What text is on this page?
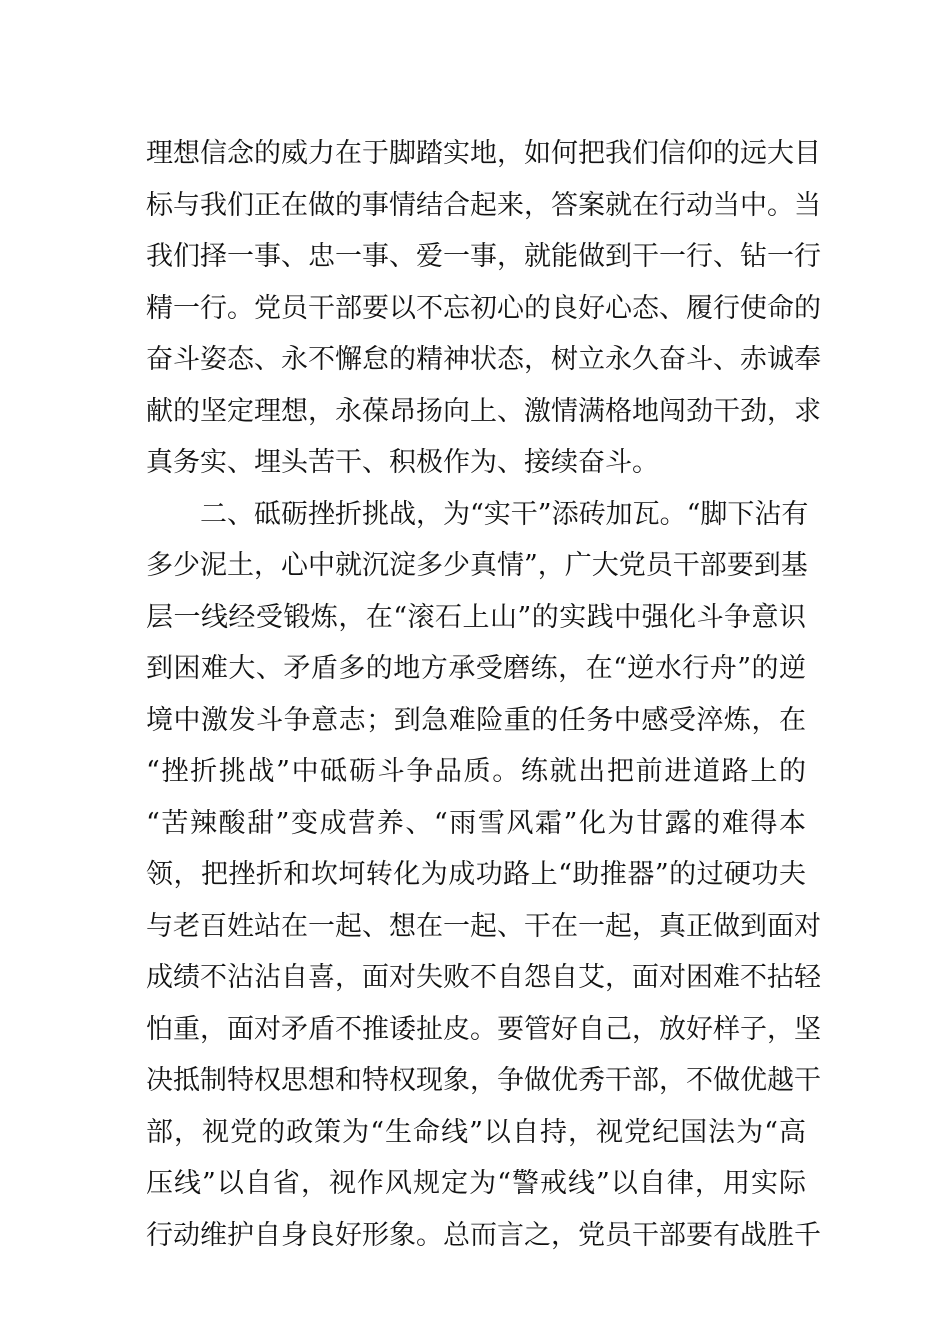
理想信念的威力在于脚踏实地，如何把我们信仰的远大目
标与我们正在做的事情结合起来，答案就在行动当中。当
我们择一事、忠一事、爱一事，就能做到干一行、钻一行
精一行。党员干部要以不忘初心的良好心态、履行使命的
奋斗姿态、永不懈怠的精神状态，树立永久奋斗、赤诚奉
献的坚定理想，永葆昂扬向上、激情满格地闯劲干劲，求
真务实、埋头苦干、积极作为、接续奋斗。
二、砥砺挫折挑战，为“实干”添砖加瓦。“脚下沾有
多少泥土，心中就沉淀多少真情”，广大党员干部要到基
层一线经受锻炼，在“滚石上山”的实践中强化斗争意识
到困难大、矛盾多的地方承受磨练，在“逆水行舟”的逆
境中激发斗争意志；到急难险重的任务中感受淬炼，在
“挫折挑战”中砥砺斗争品质。练就出把前进道路上的
“苦辣酸甜”变成营养、“雨雪风霜”化为甘露的难得本
领，把挫折和坎坷转化为成功路上“助推器”的过硬功夫
与老百姓站在一起、想在一起、干在一起，真正做到面对
成绩不沾沾自喜，面对失败不自怨自艾，面对困难不拈轻
怕重，面对矛盾不推诿扯皮。要管好自己，放好样子，坚
决抵制特权思想和特权现象，争做优秀干部，不做优越干
部，视党的政策为“生命线”以自持，视党纪国法为“高
压线”以自省，视作风规定为“警戒线”以自律，用实际
行动维护自身良好形象。总而言之，党员干部要有战胜千
